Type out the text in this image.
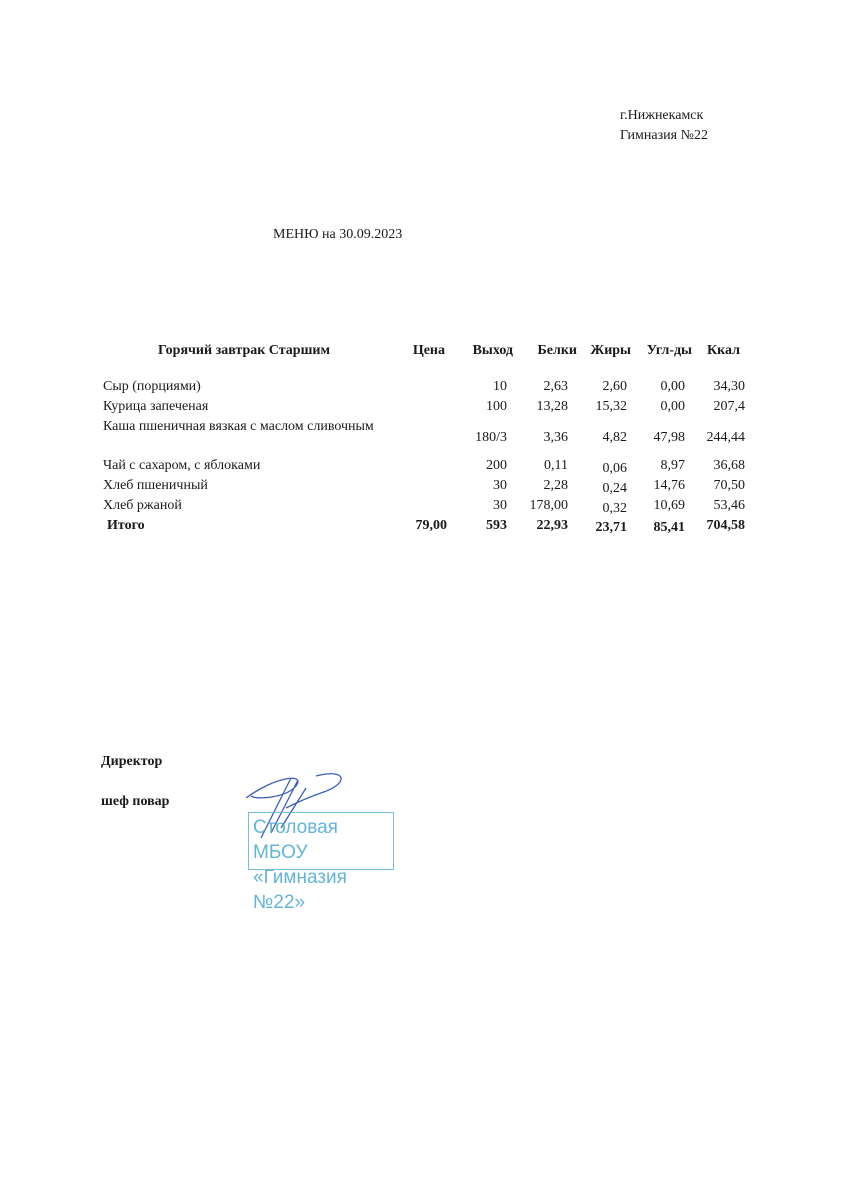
г.Нижнекамск
Гимназия №22
МЕНЮ на 30.09.2023
Горячий завтрак Старшим	Цена Выход Белки Жиры Угл-ды Ккал
Сыр (порциями)	10	2,63 2,60 0,00 34,30
Курица запеченая	100 13,28 15,32 0,00 207,4
Каша пшеничная вязкая с маслом сливочным
180/3	3,36 4,82 47,98 244,44
Чай с сахаром, с яблоками	200	0,11 0,06 8,97 36,68
Хлеб пшеничный	30	2,28 0,24 14,76 70,50
Хлеб ржаной	30 178,00 0,32 10,69 53,46
Итого	79,00	593 22,93 23,71 85,41 704,58
Директор
шеф повар
Столовая МБОУ
«Гимназия №22»
